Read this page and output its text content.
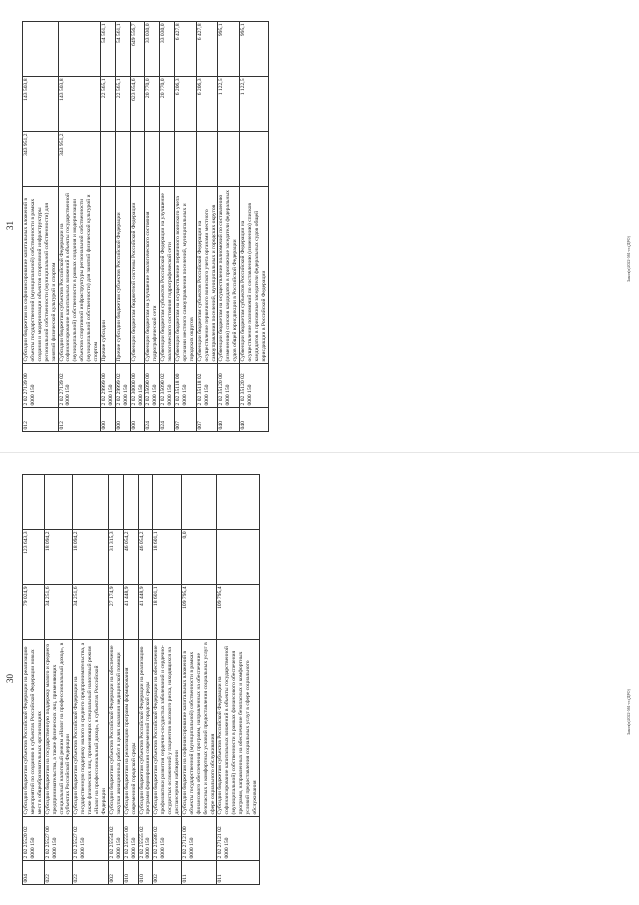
30
004	2 02 25520 02 0000 150	Субсидии бюджетам субъектов Российской Федерации на реализацию мероприятий по созданию в субъектах Российской Федерации новых мест в общеобразовательных организациях	79 024,9	123 643,3	
022	2 02 25527 00 0000 150	Субсидии бюджетам на государственную поддержку малого и среднего предпринимательства, а также физических лиц, применяющих специальный налоговый режим «Налог на профессиональный доход», в субъектах Российской Федерации	34 251,6	18 094,2	
022	2 02 25527 02 0000 150	Субсидии бюджетам субъектов Российской Федерации на государственную поддержку малого и среднего предпринимательства, а также физических лиц, применяющих специальный налоговый режим «Налог на профессиональный доход», в субъектах Российской Федерации	34 251,6	18 094,2	
002	2 02 25554 02 0000 150	Субсидии бюджетам субъектов Российской Федерации на обеспечение закупки авиационных работ в целях оказания медицинской помощи	27 174,9	31 315,3	
010	2 02 25555 00 0000 150	Субсидии бюджетам на реализацию программ формирования современной городской среды	41 448,9	46 054,2	
010	2 02 25555 02 0000 150	Субсидии бюджетам субъектов Российской Федерации на реализацию программ формирования современной городской среды	41 448,9	46 054,2	
002	2 02 25586 02 0000 150	Субсидии бюджетам субъектов Российской Федерации на обеспечение профилактики развития сердечно-сосудистых заболеваний и сердечно-сосудистых осложнений у пациентов высокого риска, находящихся на диспансерном наблюдении	18 601,1	18 601,1	
011	2 02 27121 00 0000 150	Субсидии бюджетам на софинансирование капитальных вложений в объекты государственной (муниципальной) собственности в рамках финансового обеспечения программ, направленных на обеспечение безопасных и комфортных условий предоставления социальных услуг в сфере социального обслуживания	109 795,4	0,0	
011	2 02 27121 02 0000 150	Субсидии бюджетам субъектов Российской Федерации на софинансирование капитальных вложений в объекты государственной (муниципальной) собственности в рамках финансового обеспечения программ, направленных на обеспечение безопасных и комфортных условий предоставления социальных услуг в сфере социального обслуживания	109 795,4		
Закон(п)2022-561-ст.(ДРО)
31
012	2 02 27139 00 0000 150	Субсидии бюджетам на софинансирование капитальных вложений в объекты государственной (муниципальной) собственности в рамках создания и модернизации объектов спортивной инфраструктуры региональной собственности (муниципальной собственности) для занятий физической культурой и спортом	343 951,2	143 503,8	
012	2 02 27139 02 0000 150	Субсидии бюджетам субъектов Российской Федерации на софинансирование капитальных вложений в объекты государственной (муниципальной) собственности в рамках создания и модернизации объектов спортивной инфраструктуры региональной собственности (муниципальной собственности) для занятий физической культурой и спортом	343 951,2	143 503,8	
000	2 02 29999 00 0000 150	Прочие субсидии		22 565,1	54 561,1
000	2 02 29999 02 0000 150	Прочие субсидии бюджетам субъектов Российской Федерации		22 565,1	54 561,1
000	2 02 30000 00 0000 150	Субвенции бюджетам бюджетной системы Российской Федерации		623 654,6	649 556,7
024	2 02 35090 00 0000 150	Субвенции бюджетам на улучшение экологического состояния гидрографической сети		20 770,0	33 030,0
024	2 02 35090 02 0000 150	Субвенции бюджетам субъектов Российской Федерации на улучшение экологического состояния гидрографической сети		20 770,0	33 030,0
007	2 02 35118 00 0000 150	Субвенции бюджетам на осуществление первичного воинского учета органами местного самоуправления поселений, муниципальных и городских округов		6 206,3	6 427,8
007	2 02 35118 02 0000 150	Субвенции бюджетам субъектов Российской Федерации на осуществление первичного воинского учета органами местного самоуправления поселений, муниципальных и городских округов		6 206,3	6 427,8
040	2 02 35120 00 0000 150	Субвенции бюджетам на осуществление полномочий по составлению (изменению) списков кандидатов в присяжные заседатели федеральных судов общей юрисдикции в Российской Федерации		1 122,5	995,1
040	2 02 35120 02 0000 150	Субвенции бюджетам субъектов Российской Федерации на осуществление полномочий по составлению (изменению) списков кандидатов в присяжные заседатели федеральных судов общей юрисдикции в Российской Федерации		1 122,5	995,1
Закон(п)2022-561-ст.(ДРО)
